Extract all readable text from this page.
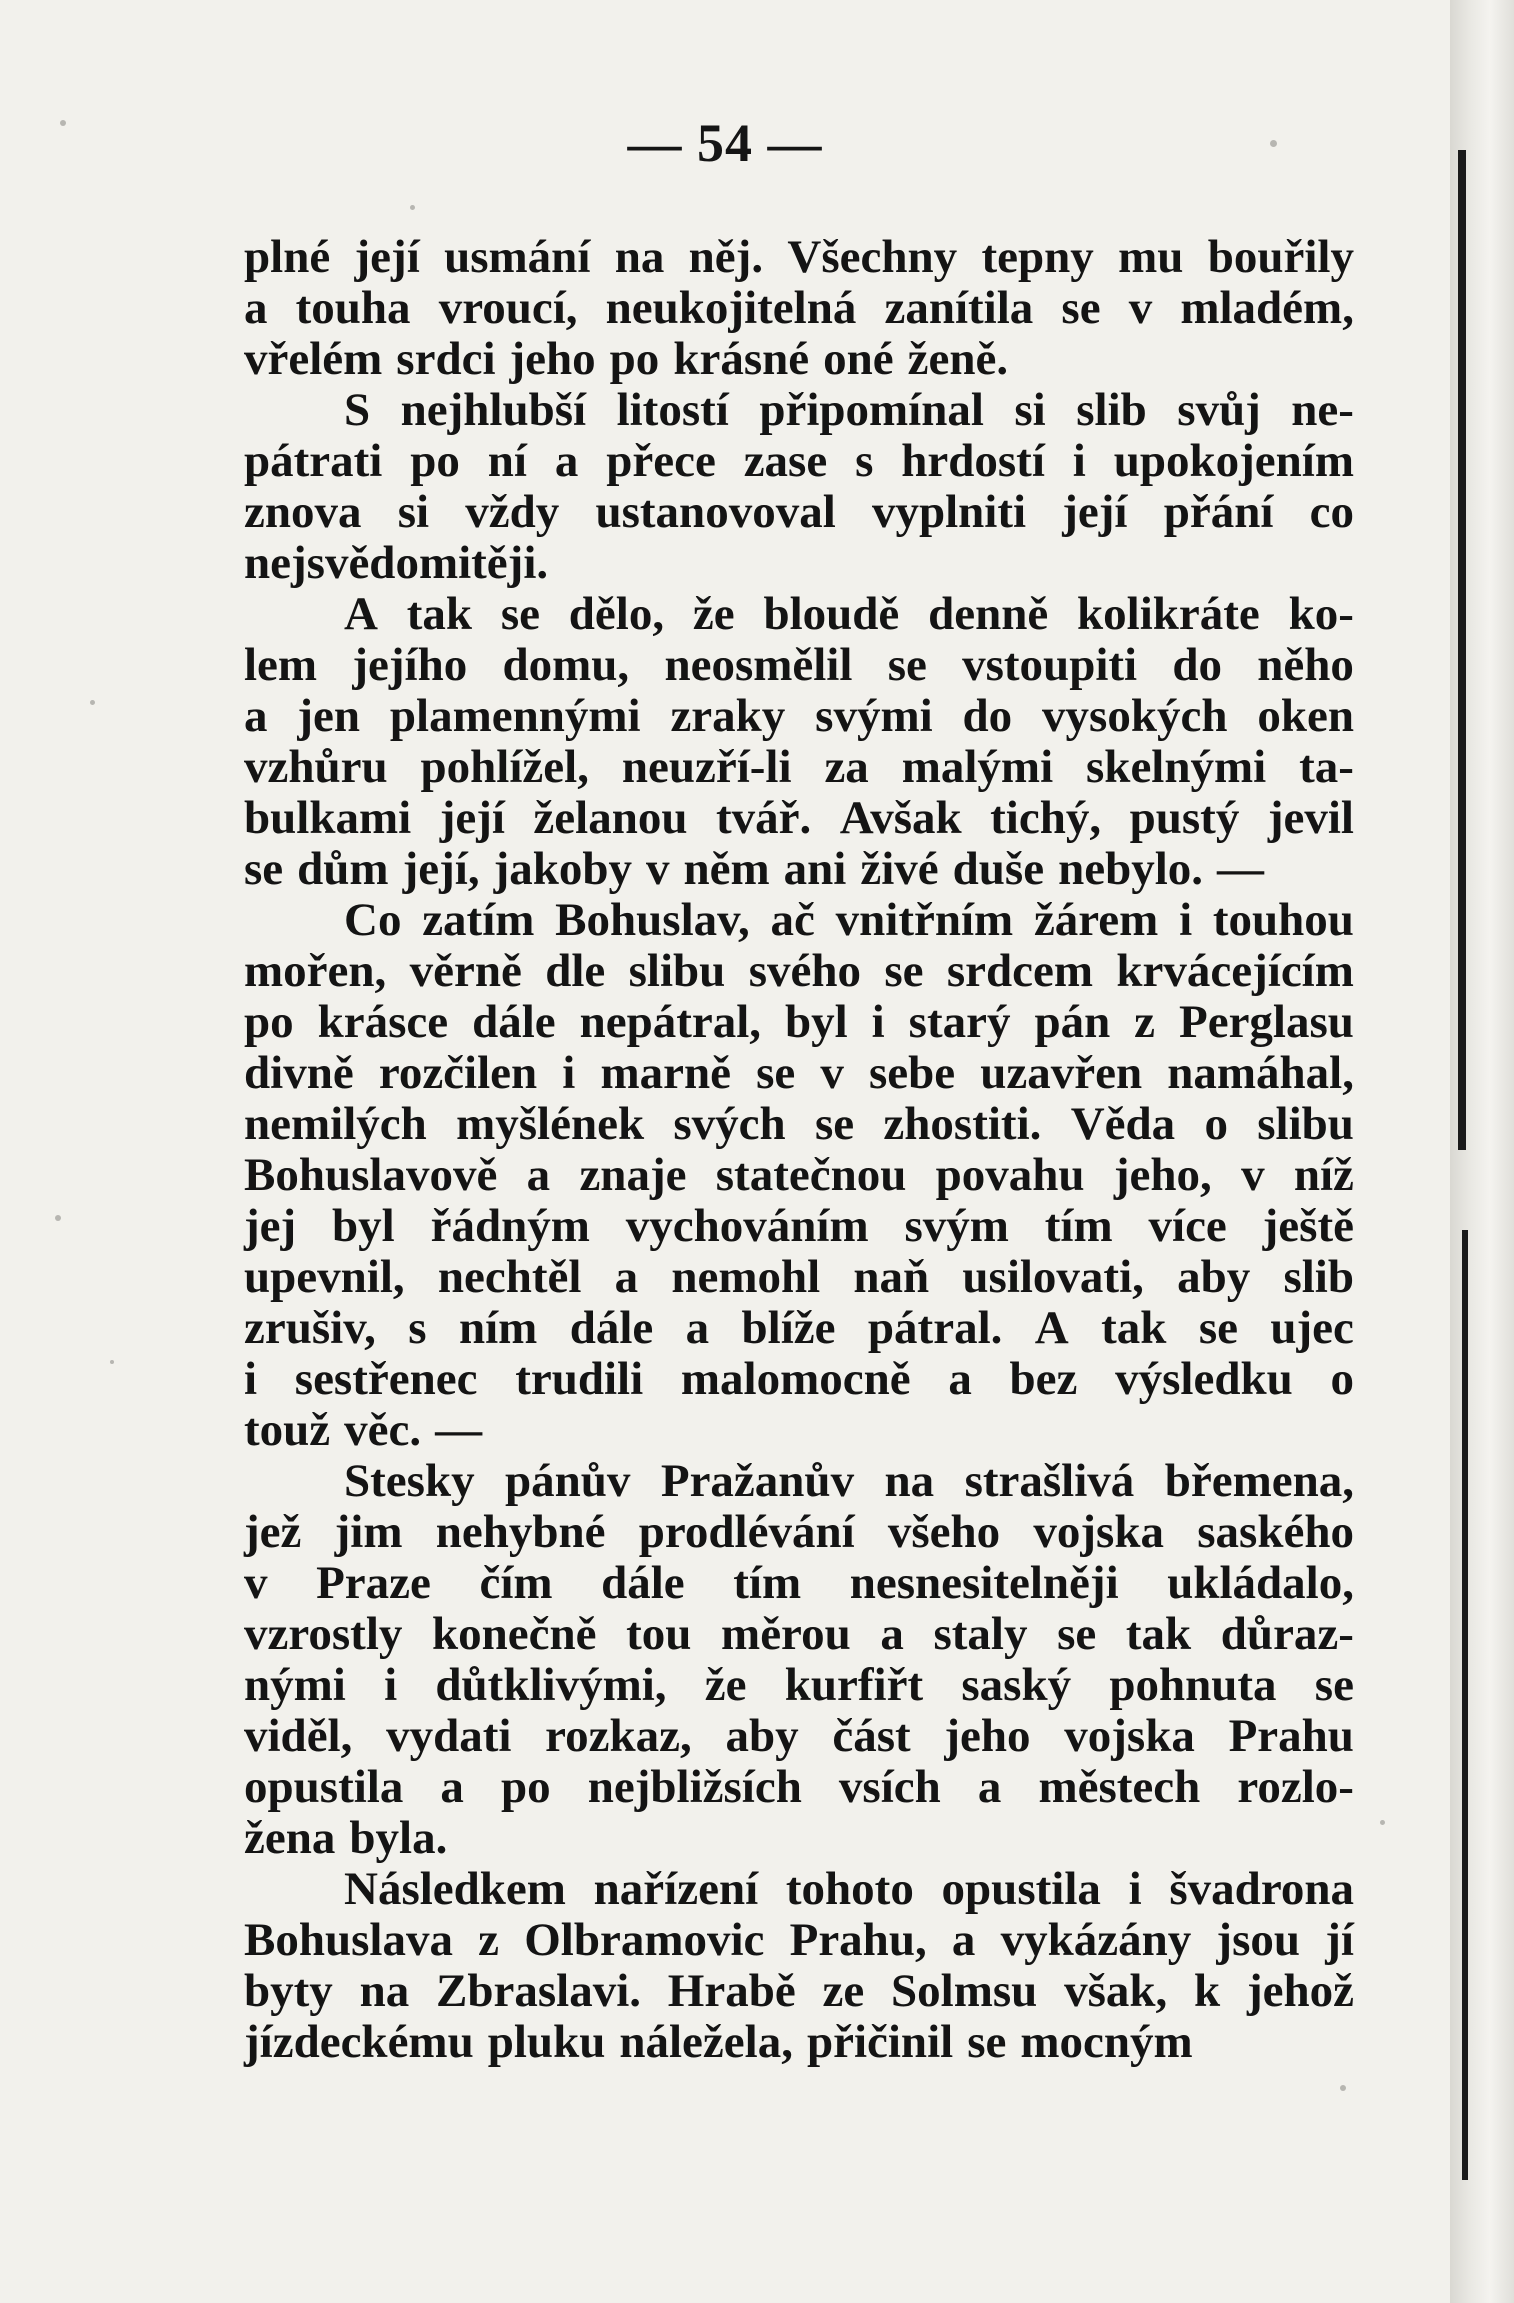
— 54 —
plné její usmání na něj. Všechny tepny mu bouřily
a touha vroucí, neukojitelná zanítila se v mladém,
vřelém srdci jeho po krásné oné ženě.
S nejhlubší litostí připomínal si slib svůj ne-
pátrati po ní a přece zase s hrdostí i upokojením
znova si vždy ustanovoval vyplniti její přání co
nejsvědomitěji.
A tak se dělo, že bloudě denně kolikráte ko-
lem jejího domu, neosmělil se vstoupiti do něho
a jen plamennými zraky svými do vysokých oken
vzhůru pohlížel, neuzří-li za malými skelnými ta-
bulkami její želanou tvář. Avšak tichý, pustý jevil
se dům její, jakoby v něm ani živé duše nebylo. —
Co zatím Bohuslav, ač vnitřním žárem i touhou
mořen, věrně dle slibu svého se srdcem krvácejícím
po krásce dále nepátral, byl i starý pán z Perglasu
divně rozčilen i marně se v sebe uzavřen namáhal,
nemilých myšlének svých se zhostiti. Věda o slibu
Bohuslavově a znaje statečnou povahu jeho, v níž
jej byl řádným vychováním svým tím více ještě
upevnil, nechtěl a nemohl naň usilovati, aby slib
zrušiv, s ním dále a blíže pátral. A tak se ujec
i sestřenec trudili malomocně a bez výsledku o
touž věc. —
Stesky pánův Pražanův na strašlivá břemena,
jež jim nehybné prodlévání všeho vojska saského
v Praze čím dále tím nesnesitelněji ukládalo,
vzrostly konečně tou měrou a staly se tak důraz-
nými i důtklivými, že kurfiřt saský pohnuta se
viděl, vydati rozkaz, aby část jeho vojska Prahu
opustila a po nejbližsích vsích a městech rozlo-
žena byla.
Následkem nařízení tohoto opustila i švadrona
Bohuslava z Olbramovic Prahu, a vykázány jsou jí
byty na Zbraslavi. Hrabě ze Solmsu však, k jehož
jízdeckému pluku náležela, přičinil se mocným
